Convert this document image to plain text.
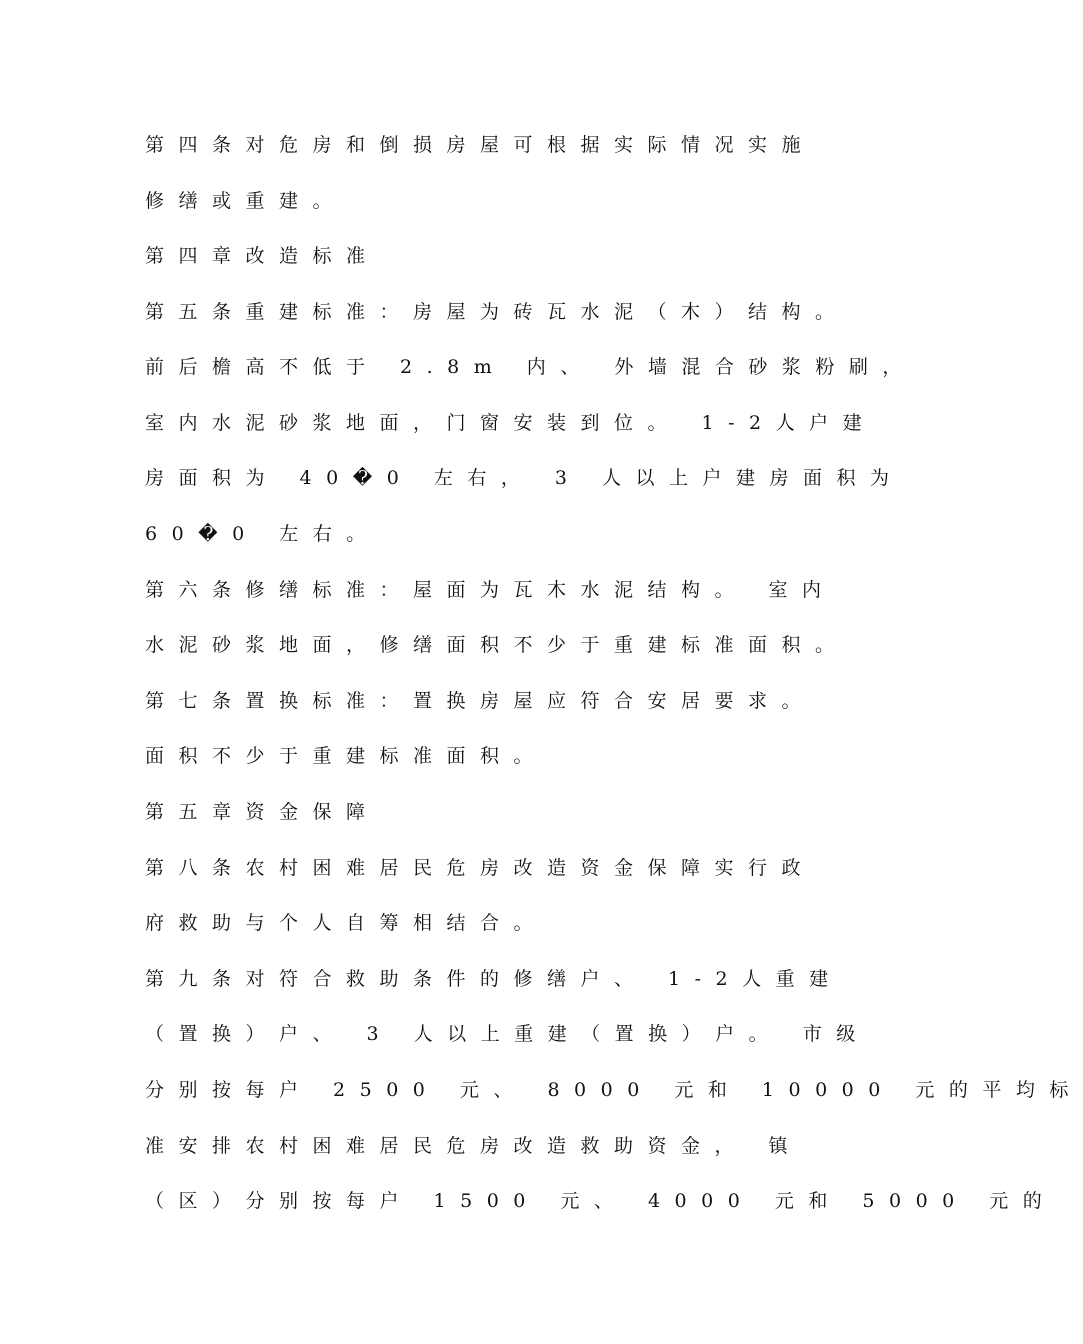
第四条对危房和倒损房屋可根据实际情况实施
修缮或重建。
第四章改造标准
第五条重建标准：房屋为砖瓦水泥（木）结构。
前后檐高不低于 2.8m 内、 外墙混合砂浆粉刷，
室内水泥砂浆地面，门窗安装到位。 1-2人户建
房面积为 40�0 左右， 3 人以上户建房面积为
60�0 左右。
第六条修缮标准：屋面为瓦木水泥结构。 室内
水泥砂浆地面，修缮面积不少于重建标准面积。
第七条置换标准：置换房屋应符合安居要求。
面积不少于重建标准面积。
第五章资金保障
第八条农村困难居民危房改造资金保障实行政
府救助与个人自筹相结合。
第九条对符合救助条件的修缮户、 1-2人重建
（置换）户、 3 人以上重建（置换）户。 市级
分别按每户 2500 元、 8000 元和 10000 元的平均标
准安排农村困难居民危房改造救助资金， 镇
（区）分别按每户 1500 元、 4000 元和 5000 元的
